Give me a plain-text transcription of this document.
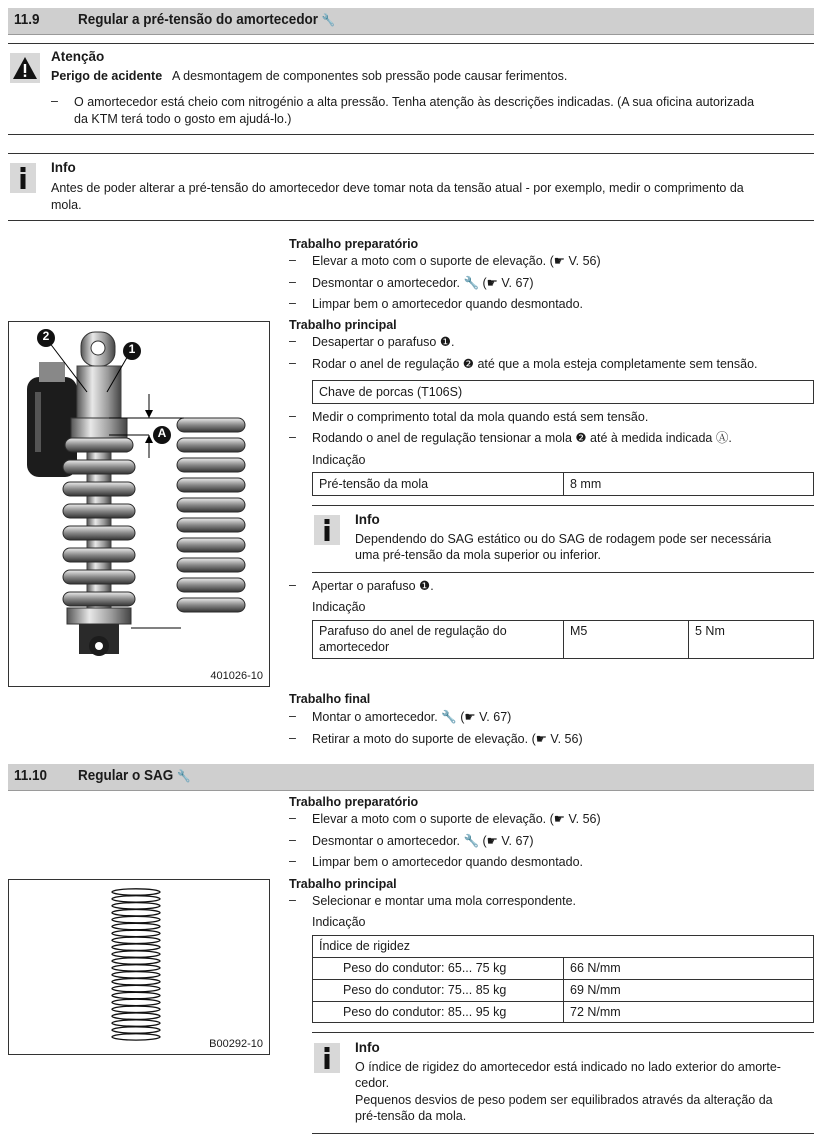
11.9	Regular a pré-tensão do amortecedor 🔧
Atenção
Perigo de acidente A desmontagem de componentes sob pressão pode causar ferimentos.
– O amortecedor está cheio com nitrogénio a alta pressão. Tenha atenção às descrições indicadas. (A sua oficina autorizada
da KTM terá todo o gosto em ajudá-lo.)
Info
Antes de poder alterar a pré-tensão do amortecedor deve tomar nota da tensão atual - por exemplo, medir o comprimento da
mola.
2
1
A
401026-10
Trabalho preparatório
– Elevar a moto com o suporte de elevação. (☛ V. 56)
– Desmontar o amortecedor. 🔧 (☛ V. 67)
– Limpar bem o amortecedor quando desmontado.
Trabalho principal
– Desapertar o parafuso ❶.
– Rodar o anel de regulação ❷ até que a mola esteja completamente sem tensão.
Chave de porcas (T106S)
– Medir o comprimento total da mola quando está sem tensão.
– Rodando o anel de regulação tensionar a mola ❷ até à medida indicada Ⓐ.
Indicação
Pré-tensão da mola	8 mm
Info
Dependendo do SAG estático ou do SAG de rodagem pode ser necessária
uma pré-tensão da mola superior ou inferior.
– Apertar o parafuso ❶.
Indicação
Parafuso do anel de regulação do
amortecedor
M5	5 Nm
Trabalho final
– Montar o amortecedor. 🔧 (☛ V. 67)
– Retirar a moto do suporte de elevação. (☛ V. 56)
11.10 Regular o SAG 🔧
B00292-10
Trabalho preparatório
– Elevar a moto com o suporte de elevação. (☛ V. 56)
– Desmontar o amortecedor. 🔧 (☛ V. 67)
– Limpar bem o amortecedor quando desmontado.
Trabalho principal
– Selecionar e montar uma mola correspondente.
Indicação
Índice de rigidez
Peso do condutor: 65... 75 kg	66 N/mm
Peso do condutor: 75... 85 kg	69 N/mm
Peso do condutor: 85... 95 kg	72 N/mm
Info
O índice de rigidez do amortecedor está indicado no lado exterior do amorte-
cedor.
Pequenos desvios de peso podem ser equilibrados através da alteração da
pré-tensão da mola.
